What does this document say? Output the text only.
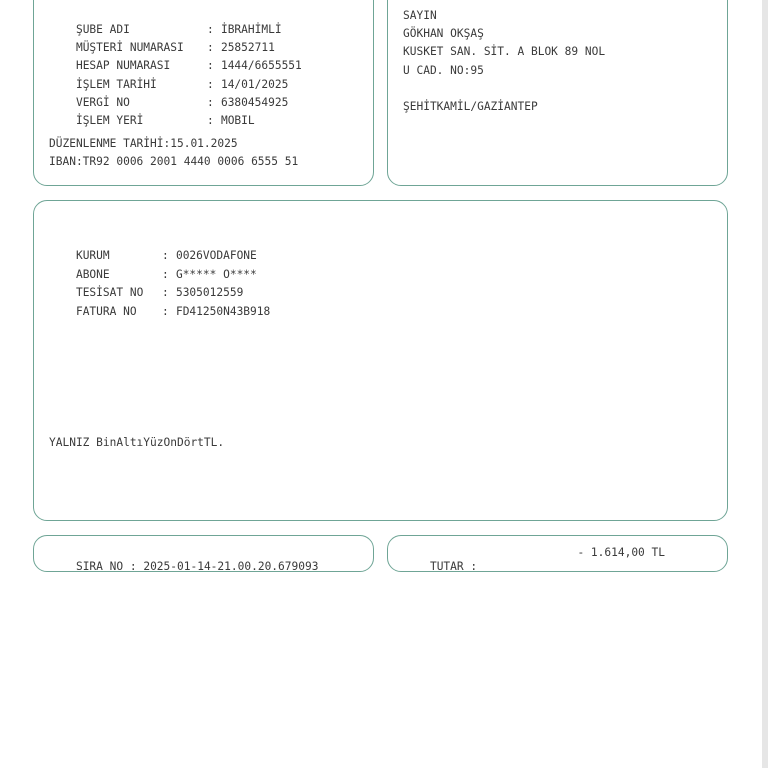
ŞUBE ADI	: İBRAHİMLİ

MÜŞTERİ NUMARASI : 25852711

HESAP NUMARASI	: 1444/6655551

İŞLEM TARİHİ	: 14/01/2025

VERGİ NO	: 6380454925

İŞLEM YERİ	: MOBIL

DÜZENLENME TARİHİ:15.01.2025
IBAN:TR92 0006 2001 4440 0006 6555 51
SAYIN
GÖKHAN OKŞAŞ
KUSKET SAN. SİT. A BLOK 89 NOL
U CAD. NO:95
ŞEHİTKAMİL/GAZİANTEP

KURUM	: 0026VODAFONE

ABONE	: G***** O****

TESİSAT NO : 5305012559

FATURA NO : FD41250N43B918

YALNIZ BinAltıYüzOnDörtTL.

SIRA NO : 2025-01-14-21.00.20.679093
	TUTAR :

- 1.614,00 TL
